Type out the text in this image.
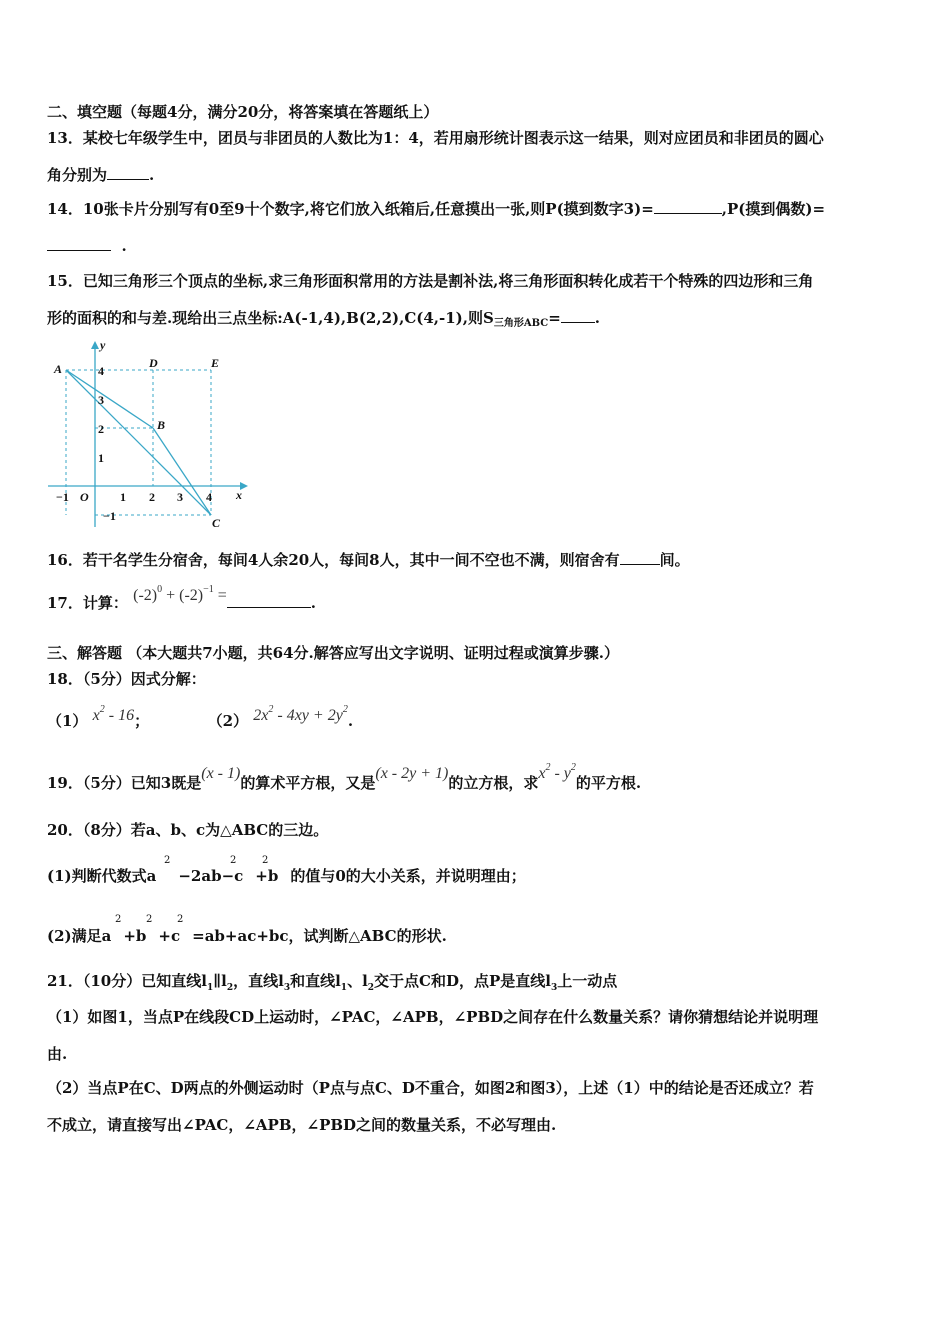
二、填空题（每题4分，满分20分，将答案填在答题纸上）
13．某校七年级学生中，团员与非团员的人数比为1：4，若用扇形统计图表示这一结果，则对应团员和非团员的圆心
角分别为	.
14．10张卡片分别写有0至9十个数字,将它们放入纸箱后,任意摸出一张,则P(摸到数字3)=	,P(摸到偶数)=
.
15．已知三角形三个顶点的坐标,求三角形面积常用的方法是割补法,将三角形面积转化成若干个特殊的四边形和三角
形的面积的和与差.现给出三点坐标:A(-1,4),B(2,2),C(4,-1),则$S_{三角形ABC}=$ .
A
B
C
D	E
x
y
O
−1	1 2 3 4
4
3
2
1
−1
16．若干名学生分宿舍，每间4人余20人，每间8人，其中一间不空也不满，则宿舍有	间。
17．计算： $(-2)^0 + (-2)^{-1}$ =	.
三、解答题 （本大题共7小题，共64分.解答应写出文字说明、证明过程或演算步骤.）
18．（5分）因式分解：
（1） $x^2 - 16$；	（2） $2x^2 - 4xy + 2y^2$.
19．（5分）已知3既是(x - 1)的算术平方根，又是(x - 2y + 1)的立方根，求$x^2 - y^2$的平方根.
20．（8分）若a、b、c为△ABC的三边。
(1)判断代数式a −2ab−c +b 的值与0的大小关系，并说明理由；
2	2	2
(2)满足a +b +c =ab+ac+bc，试判断△ABC的形状.
2 2 2
21．（10分）已知直线$l_1\parallel l_2$，直线$l_3$和直线$l_1$、$l_2$交于点C和D，点P是直线$l_3$上一动点
（1）如图1，当点P在线段CD上运动时，∠PAC，∠APB，∠PBD之间存在什么数量关系？请你猜想结论并说明理
由.
（2）当点P在C、D两点的外侧运动时（P点与点C、D不重合，如图2和图3），上述（1）中的结论是否还成立？若
不成立，请直接写出∠PAC，∠APB，∠PBD之间的数量关系，不必写理由.
